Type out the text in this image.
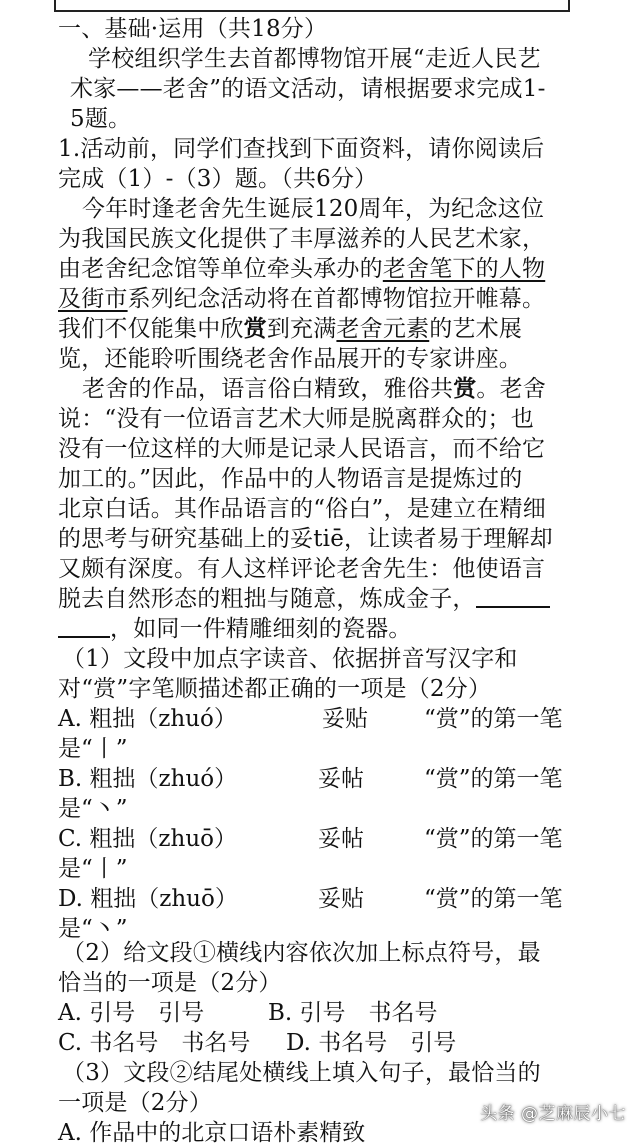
一、基础·运用（共18分）
学校组织学生去首都博物馆开展“走近人民艺
术家——老舍”的语文活动，请根据要求完成1-
5题。
1.活动前，同学们查找到下面资料，请你阅读后
完成（1）-（3）题。（共6分）
今年时逢老舍先生诞辰120周年，为纪念这位
为我国民族文化提供了丰厚滋养的人民艺术家，
由老舍纪念馆等单位牵头承办的老舍笔下的人物
及街市系列纪念活动将在首都博物馆拉开帷幕。
我们不仅能集中欣赏到充满老舍元素的艺术展
览，还能聆听围绕老舍作品展开的专家讲座。
老舍的作品，语言俗白精致，雅俗共赏。老舍
说：“没有一位语言艺术大师是脱离群众的；也
没有一位这样的大师是记录人民语言，而不给它
加工的。”因此，作品中的人物语言是提炼过的
北京白话。其作品语言的“俗白”，是建立在精细
的思考与研究基础上的妥tiē，让读者易于理解却
又颇有深度。有人这样评论老舍先生：他使语言
脱去自然形态的粗拙与随意，炼成金子，
，如同一件精雕细刻的瓷器。
（1）文段中加点字读音、依据拼音写汉字和
对“赏”字笔顺描述都正确的一项是（2分）
A. 粗拙（zhuó）	妥贴 “赏”的第一笔
是“丨”
B. 粗拙（zhuó）	妥帖	“赏”的第一笔
是“丶”
C. 粗拙（zhuō）	妥帖	“赏”的第一笔
是“丨”
D. 粗拙（zhuō）	妥贴	“赏”的第一笔
是“丶”
（2）给文段①横线内容依次加上标点符号，最
恰当的一项是（2分）
A. 引号　引号	B. 引号　书名号
C. 书名号　书名号 D. 书名号　引号
（3）文段②结尾处横线上填入句子，最恰当的
一项是（2分）
A. 作品中的北京口语朴素精致
头条 @芝麻辰小七
